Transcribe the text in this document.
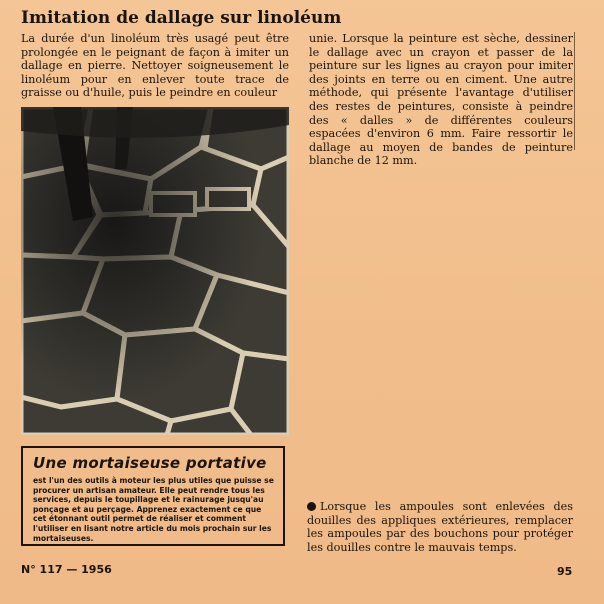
Imitation de dallage sur linoléum

La durée d'un linoléum très usagé peut être prolongée en le peignant de façon à imiter un dallage en pierre. Nettoyer soigneusement le linoléum pour en enlever toute trace de graisse ou d'huile, puis le peindre en couleur

unie. Lorsque la peinture est sèche, dessiner le dallage avec un crayon et passer de la peinture sur les lignes au crayon pour imiter des joints en terre ou en ciment. Une autre méthode, qui présente l'avantage d'utiliser des restes de peintures, consiste à peindre des « dalles » de différentes couleurs espacées d'environ 6 mm. Faire ressortir le dallage au moyen de bandes de peinture blanche de 12 mm.

Une mortaiseuse portative

est l'un des outils à moteur les plus utiles que puisse se procurer un artisan amateur. Elle peut rendre tous les services, depuis le toupillage et le rainurage jusqu'au ponçage et au perçage. Apprenez exactement ce que cet étonnant outil permet de réaliser et comment l'utiliser en lisant notre article du mois prochain sur les mortaiseuses.

Lorsque les ampoules sont enlevées des douilles des appliques extérieures, remplacer les ampoules par des bouchons pour protéger les douilles contre le mauvais temps.

N° 117 — 1956	95
